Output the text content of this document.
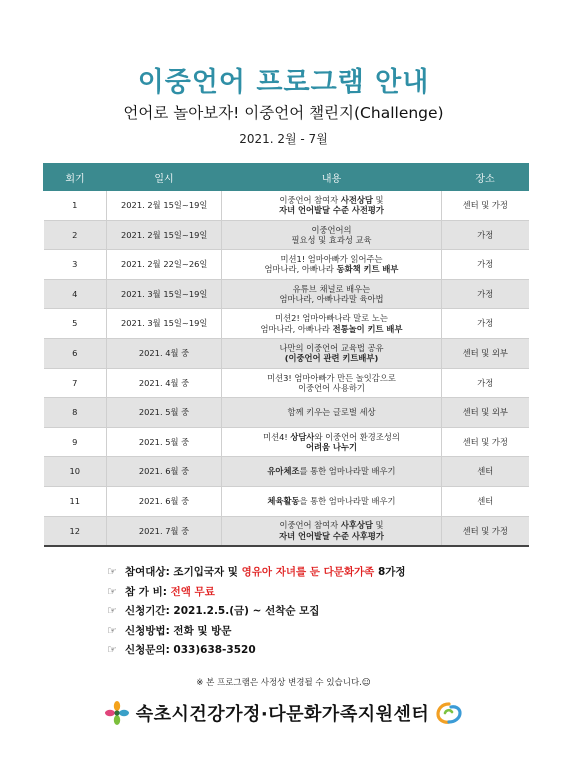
이중언어 프로그램 안내
언어로 놀아보자! 이중언어 챌린지(Challenge)
2021. 2월 - 7월
회기	일시	내용	장소
1	2021. 2월 15일~19일	이중언어 참여자 사전상담 및
자녀 언어발달 수준 사전평가	센터 및 가정
2	2021. 2월 15일~19일	이중언어의
필요성 및 효과성 교육	가정
3	2021. 2월 22일~26일	미션1! 엄마아빠가 읽어주는
엄마나라, 아빠나라 동화책 키트 배부	가정
4	2021. 3월 15일~19일	유튜브 채널로 배우는
엄마나라, 아빠나라말 육아법	가정
5	2021. 3월 15일~19일	미션2! 엄마아빠나라 말로 노는
엄마나라, 아빠나라 전통놀이 키트 배부	가정
6	2021. 4월 중	나만의 이중언어 교육법 공유
(이중언어 관련 키트배부)	센터 및 외부
7	2021. 4월 중	미션3! 엄마아빠가 만든 놀잇감으로
이중언어 사용하기	가정
8	2021. 5월 중	함께 키우는 글로벌 세상	센터 및 외부
9	2021. 5월 중	미션4! 상담사와 이중언어 환경조성의
어려움 나누기	센터 및 가정
10	2021. 6월 중	유아체조를 통한 엄마나라말 배우기	센터
11	2021. 6월 중	체육활동을 통한 엄마나라말 배우기	센터
12	2021. 7월 중	이중언어 참여자 사후상담 및
자녀 언어발달 수준 사후평가	센터 및 가정
☞ 참여대상: 조기입국자 및 영유아 자녀를 둔 다문화가족 8가정
☞ 참 가 비: 전액 무료
☞ 신청기간: 2021.2.5.(금) ~ 선착순 모집
☞ 신청방법: 전화 및 방문
☞ 신청문의: 033)638-3520
※ 본 프로그램은 사정상 변경될 수 있습니다.☺
속초시건강가정·다문화가족지원센터
